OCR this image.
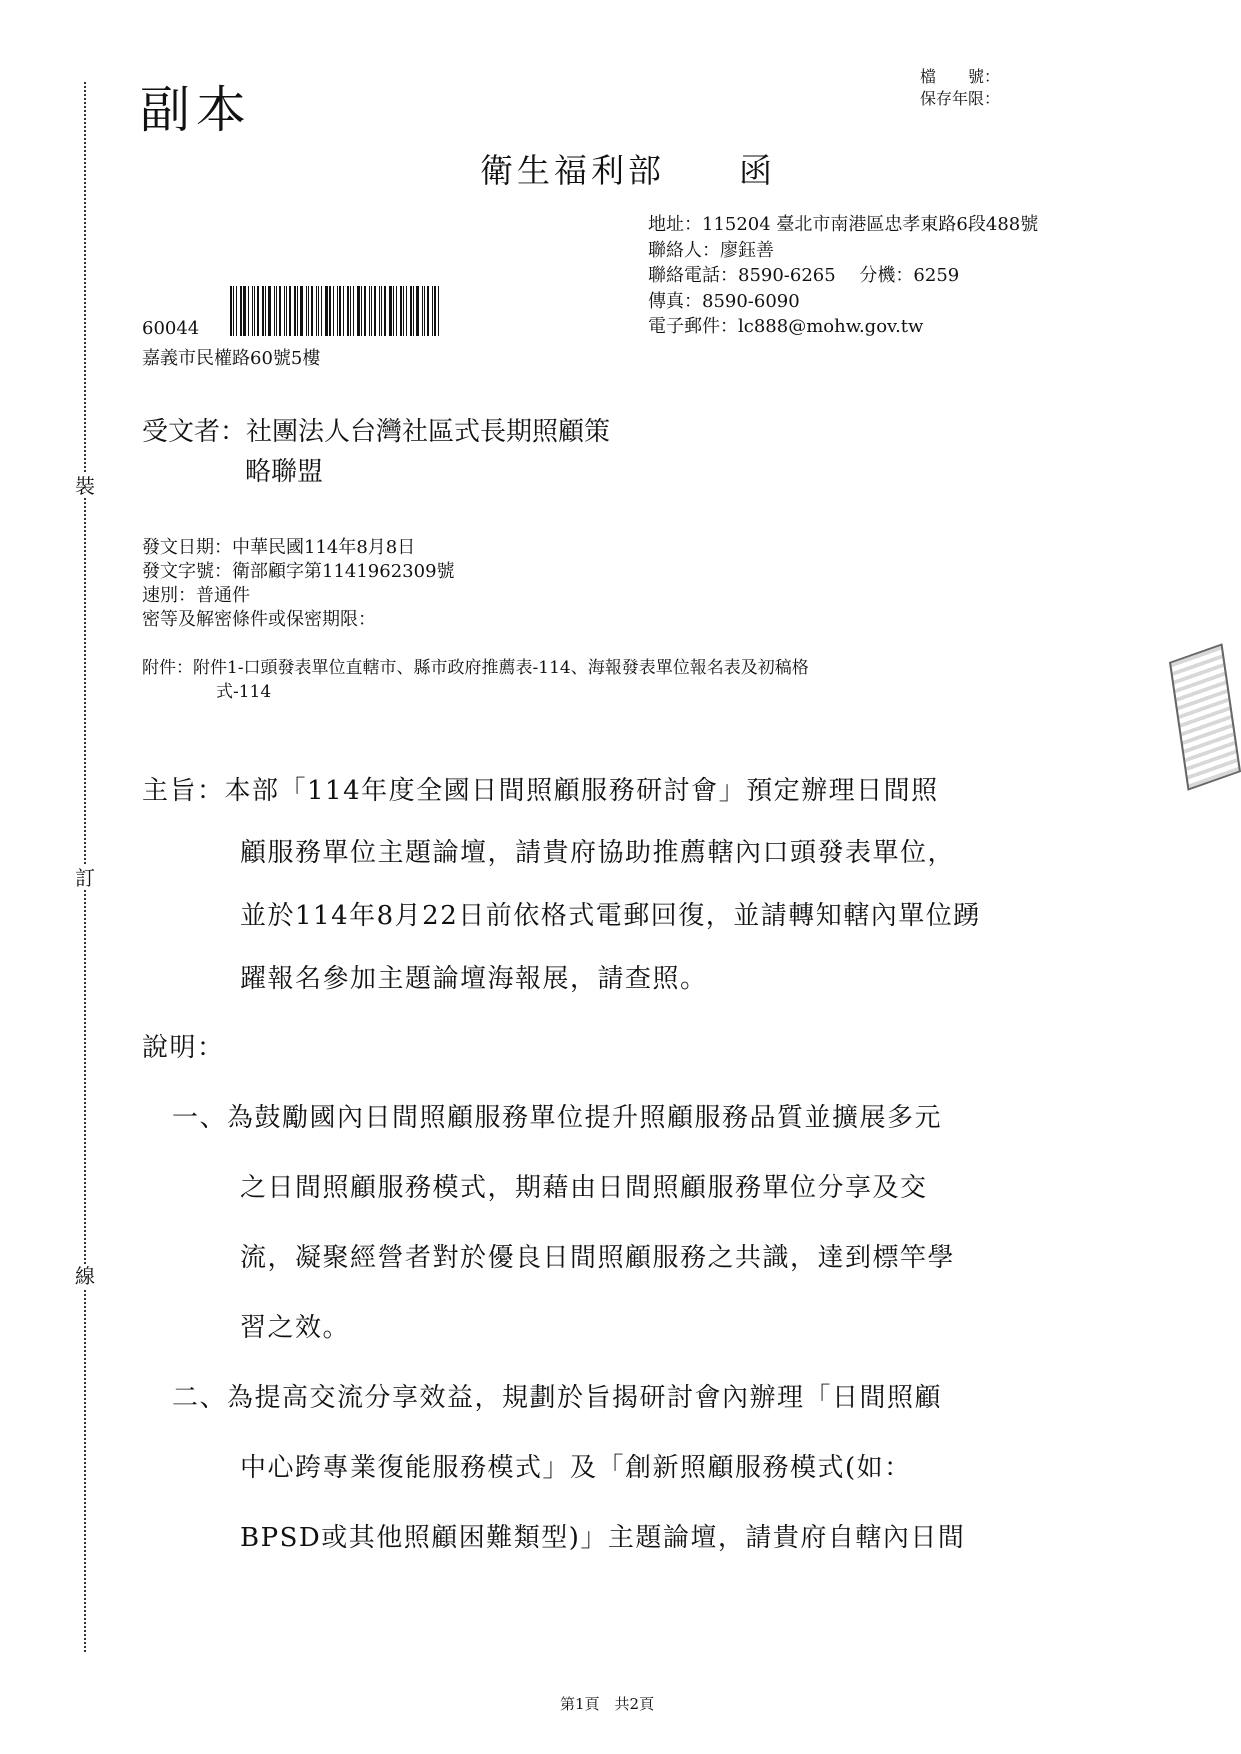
裝
訂
線
副本
檔　　號：
保存年限：
衛生福利部　　函
地址：115204 臺北市南港區忠孝東路6段488號
聯絡人：廖鈺善
聯絡電話：8590-6265　 分機：6259
傳真：8590-6090
電子郵件：lc888@mohw.gov.tw
60044
嘉義市民權路60號5樓
受文者：社團法人台灣社區式長期照顧策
略聯盟
發文日期：中華民國114年8月8日
發文字號：衛部顧字第1141962309號
速別：普通件
密等及解密條件或保密期限：
附件：附件1-口頭發表單位直轄市、縣市政府推薦表-114、海報發表單位報名表及初稿格
式-114
主旨：本部「114年度全國日間照顧服務研討會」預定辦理日間照
顧服務單位主題論壇，請貴府協助推薦轄內口頭發表單位，
並於114年8月22日前依格式電郵回復，並請轉知轄內單位踴
躍報名參加主題論壇海報展，請查照。
說明：
一、為鼓勵國內日間照顧服務單位提升照顧服務品質並擴展多元
之日間照顧服務模式，期藉由日間照顧服務單位分享及交
流，凝聚經營者對於優良日間照顧服務之共識，達到標竿學
習之效。
二、為提高交流分享效益，規劃於旨揭研討會內辦理「日間照顧
中心跨專業復能服務模式」及「創新照顧服務模式(如：
BPSD或其他照顧困難類型)」主題論壇，請貴府自轄內日間
第1頁　共2頁
